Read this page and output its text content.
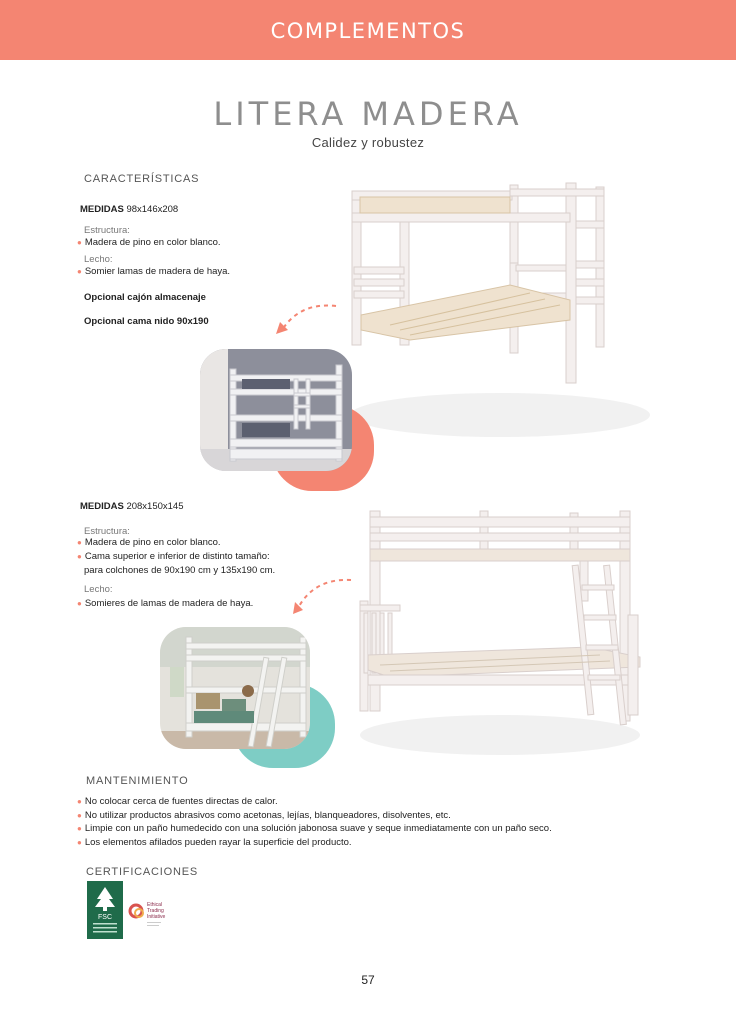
COMPLEMENTOS
LITERA MADERA
Calidez y robustez
CARACTERÍSTICAS
MEDIDAS 98x146x208
Estructura:
● Madera de pino en color blanco.
Lecho:
● Somier lamas de madera de haya.
Opcional cajón almacenaje
Opcional cama nido 90x190
MEDIDAS 208x150x145
Estructura:
● Madera de pino en color blanco.
● Cama superior e inferior de distinto tamaño:
para colchones de 90x190 cm y 135x190 cm.
Lecho:
● Somieres de lamas de madera de haya.
MANTENIMIENTO
● No colocar cerca de fuentes directas de calor.
● No utilizar productos abrasivos como acetonas, lejías, blanqueadores, disolventes, etc.
● Limpie con un paño humedecido con una solución jabonosa suave y seque inmediatamente con un paño seco.
● Los elementos afilados pueden rayar la superficie del producto.
CERTIFICACIONES
FSC
Ethical
Trading
Initiative
57
